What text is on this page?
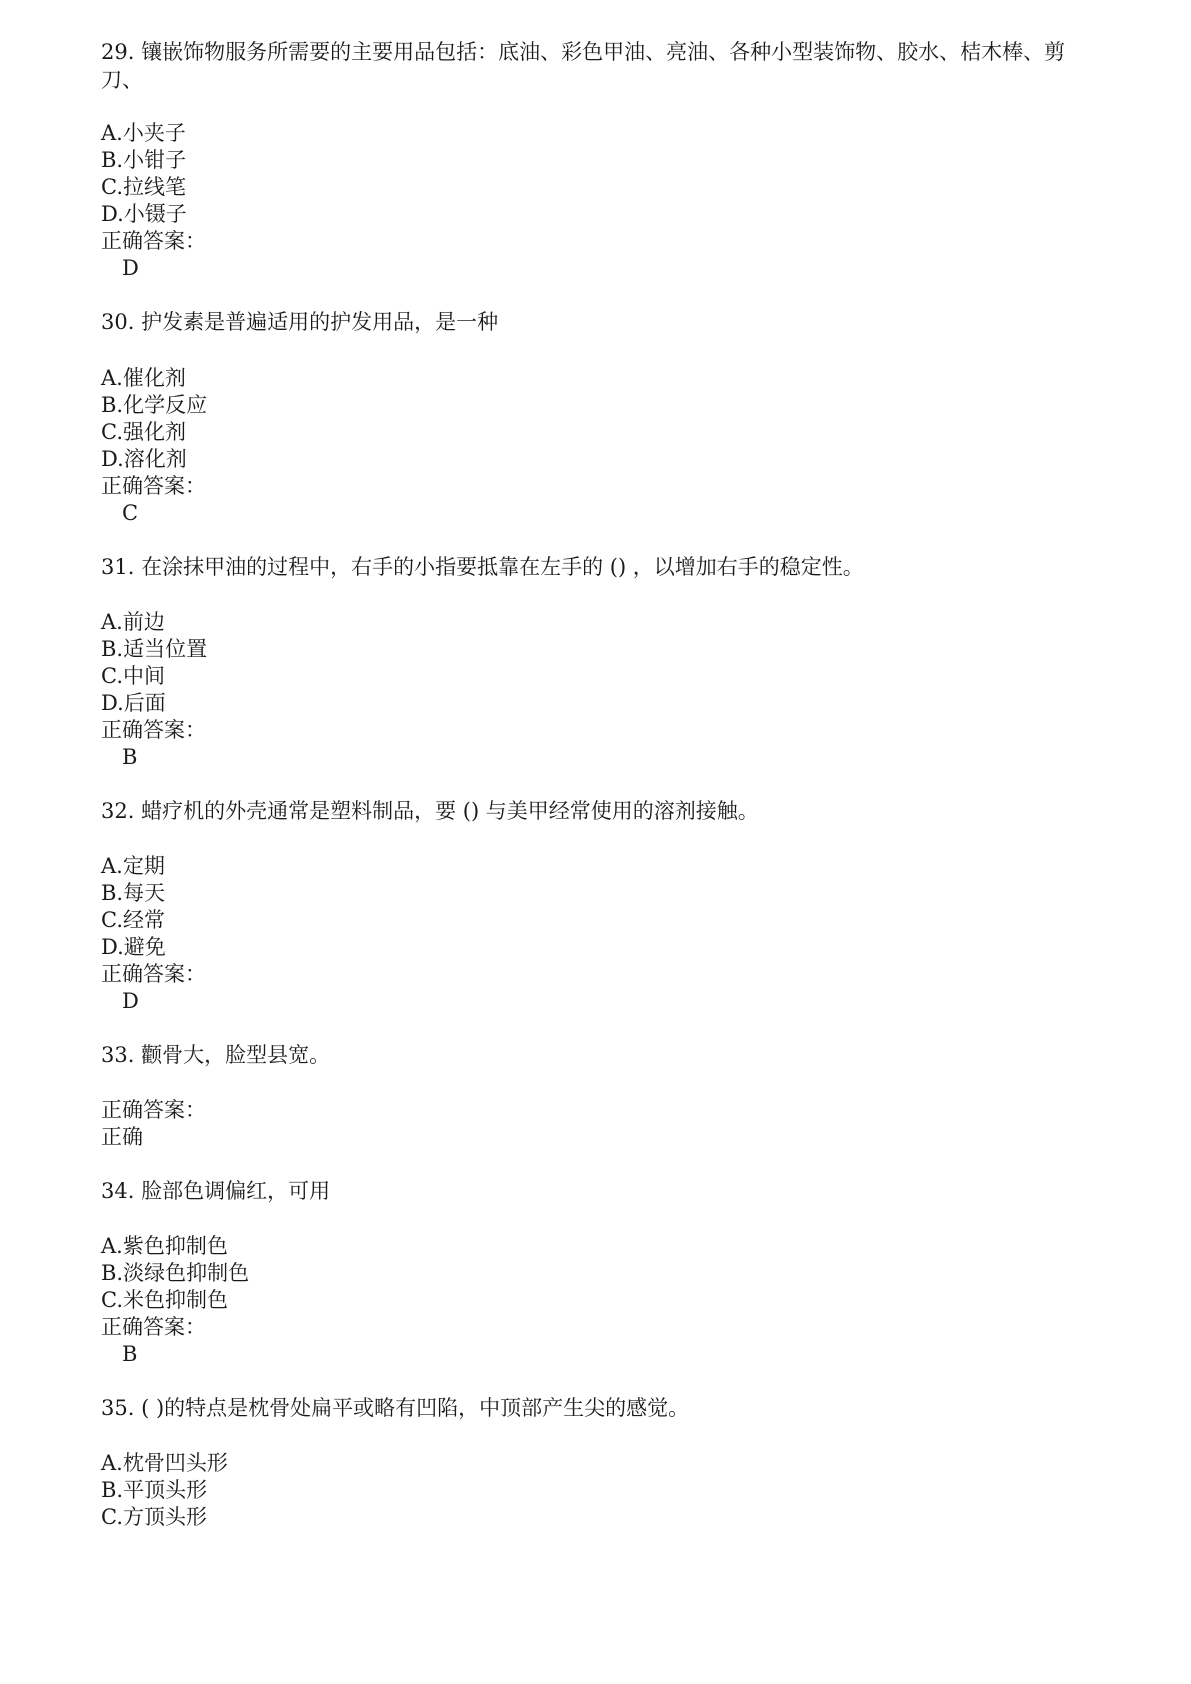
29. 镶嵌饰物服务所需要的主要用品包括：底油、彩色甲油、亮油、各种小型装饰物、胶水、桔木棒、剪刀、
A.小夹子
B.小钳子
C.拉线笔
D.小镊子
正确答案：
D
30. 护发素是普遍适用的护发用品，是一种
A.催化剂
B.化学反应
C.强化剂
D.溶化剂
正确答案：
C
31. 在涂抹甲油的过程中，右手的小指要抵靠在左手的 () ，以增加右手的稳定性。
A.前边
B.适当位置
C.中间
D.后面
正确答案：
B
32. 蜡疗机的外壳通常是塑料制品，要 () 与美甲经常使用的溶剂接触。
A.定期
B.每天
C.经常
D.避免
正确答案：
D
33. 颧骨大，脸型县宽。
正确答案：
正确
34. 脸部色调偏红，可用
A.紫色抑制色
B.淡绿色抑制色
C.米色抑制色
正确答案：
B
35. ( )的特点是枕骨处扁平或略有凹陷，中顶部产生尖的感觉。
A.枕骨凹头形
B.平顶头形
C.方顶头形
